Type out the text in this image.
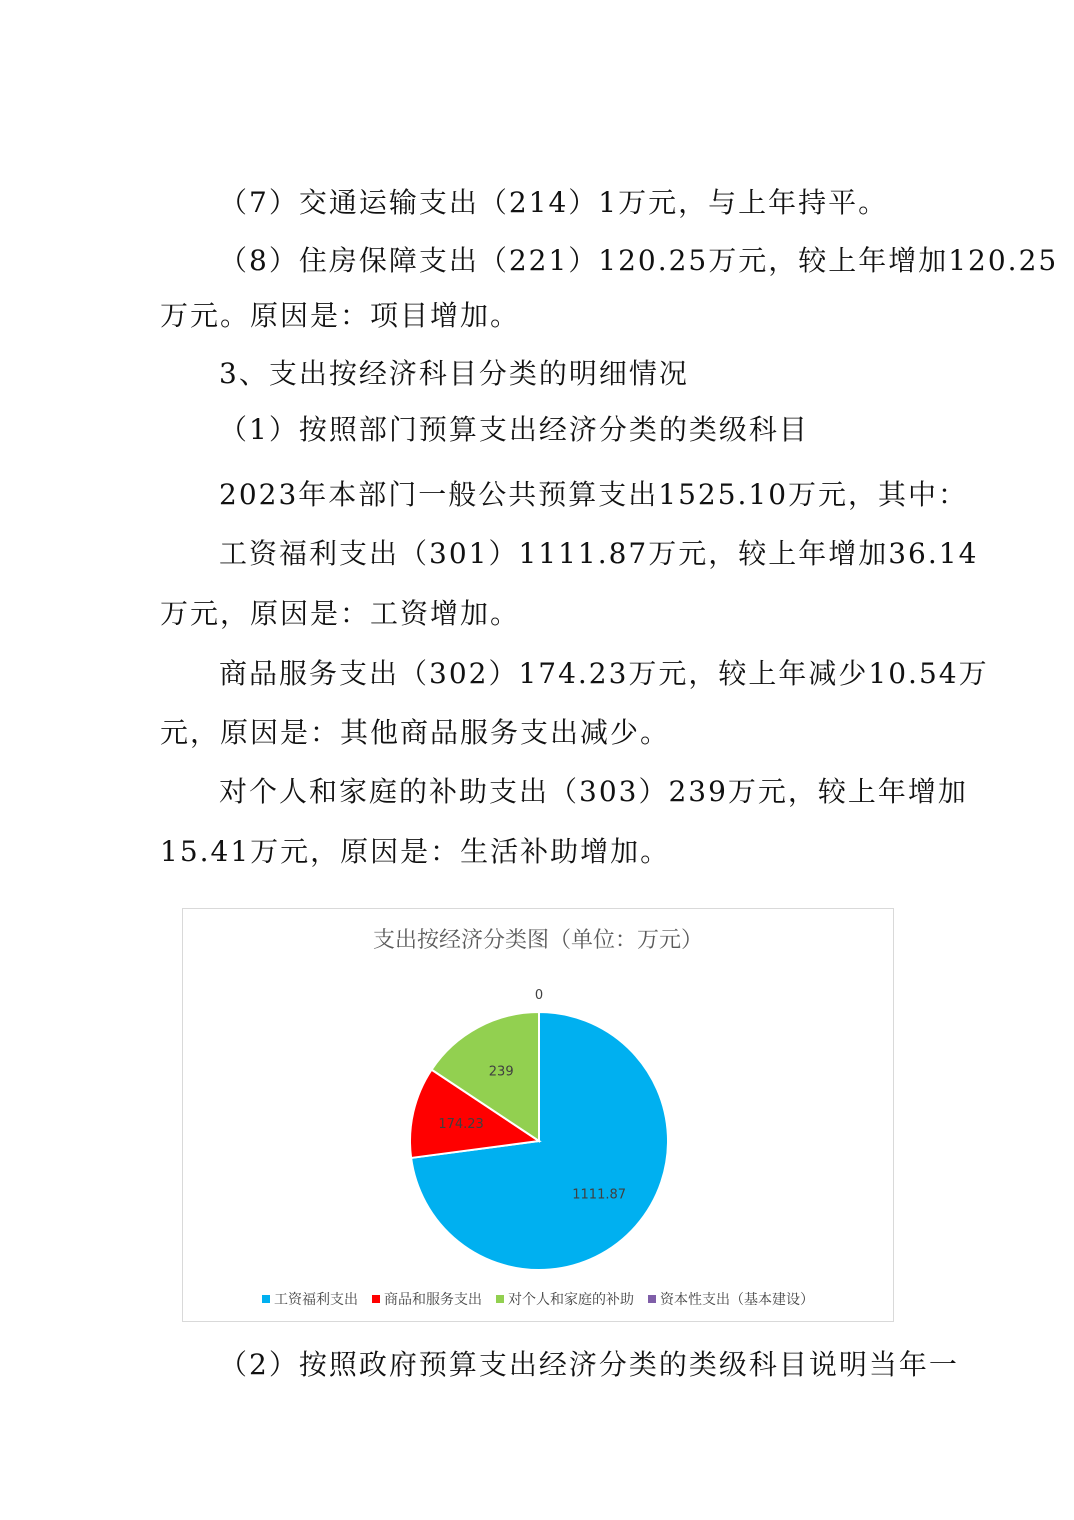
（7）交通运输支出（214）1万元，与上年持平。
（8）住房保障支出（221）120.25万元，较上年增加120.25
万元。原因是：项目增加。
3、支出按经济科目分类的明细情况
（1）按照部门预算支出经济分类的类级科目
2023年本部门一般公共预算支出1525.10万元，其中：
工资福利支出（301）1111.87万元，较上年增加36.14
万元，原因是：工资增加。
商品服务支出（302）174.23万元，较上年减少10.54万
元，原因是：其他商品服务支出减少。
对个人和家庭的补助支出（303）239万元，较上年增加
15.41万元，原因是：生活补助增加。
支出按经济分类图（单位：万元）
1111.87
174.23
239
0
工资福利支出 商品和服务支出 对个人和家庭的补助 资本性支出（基本建设）
（2）按照政府预算支出经济分类的类级科目说明当年一
